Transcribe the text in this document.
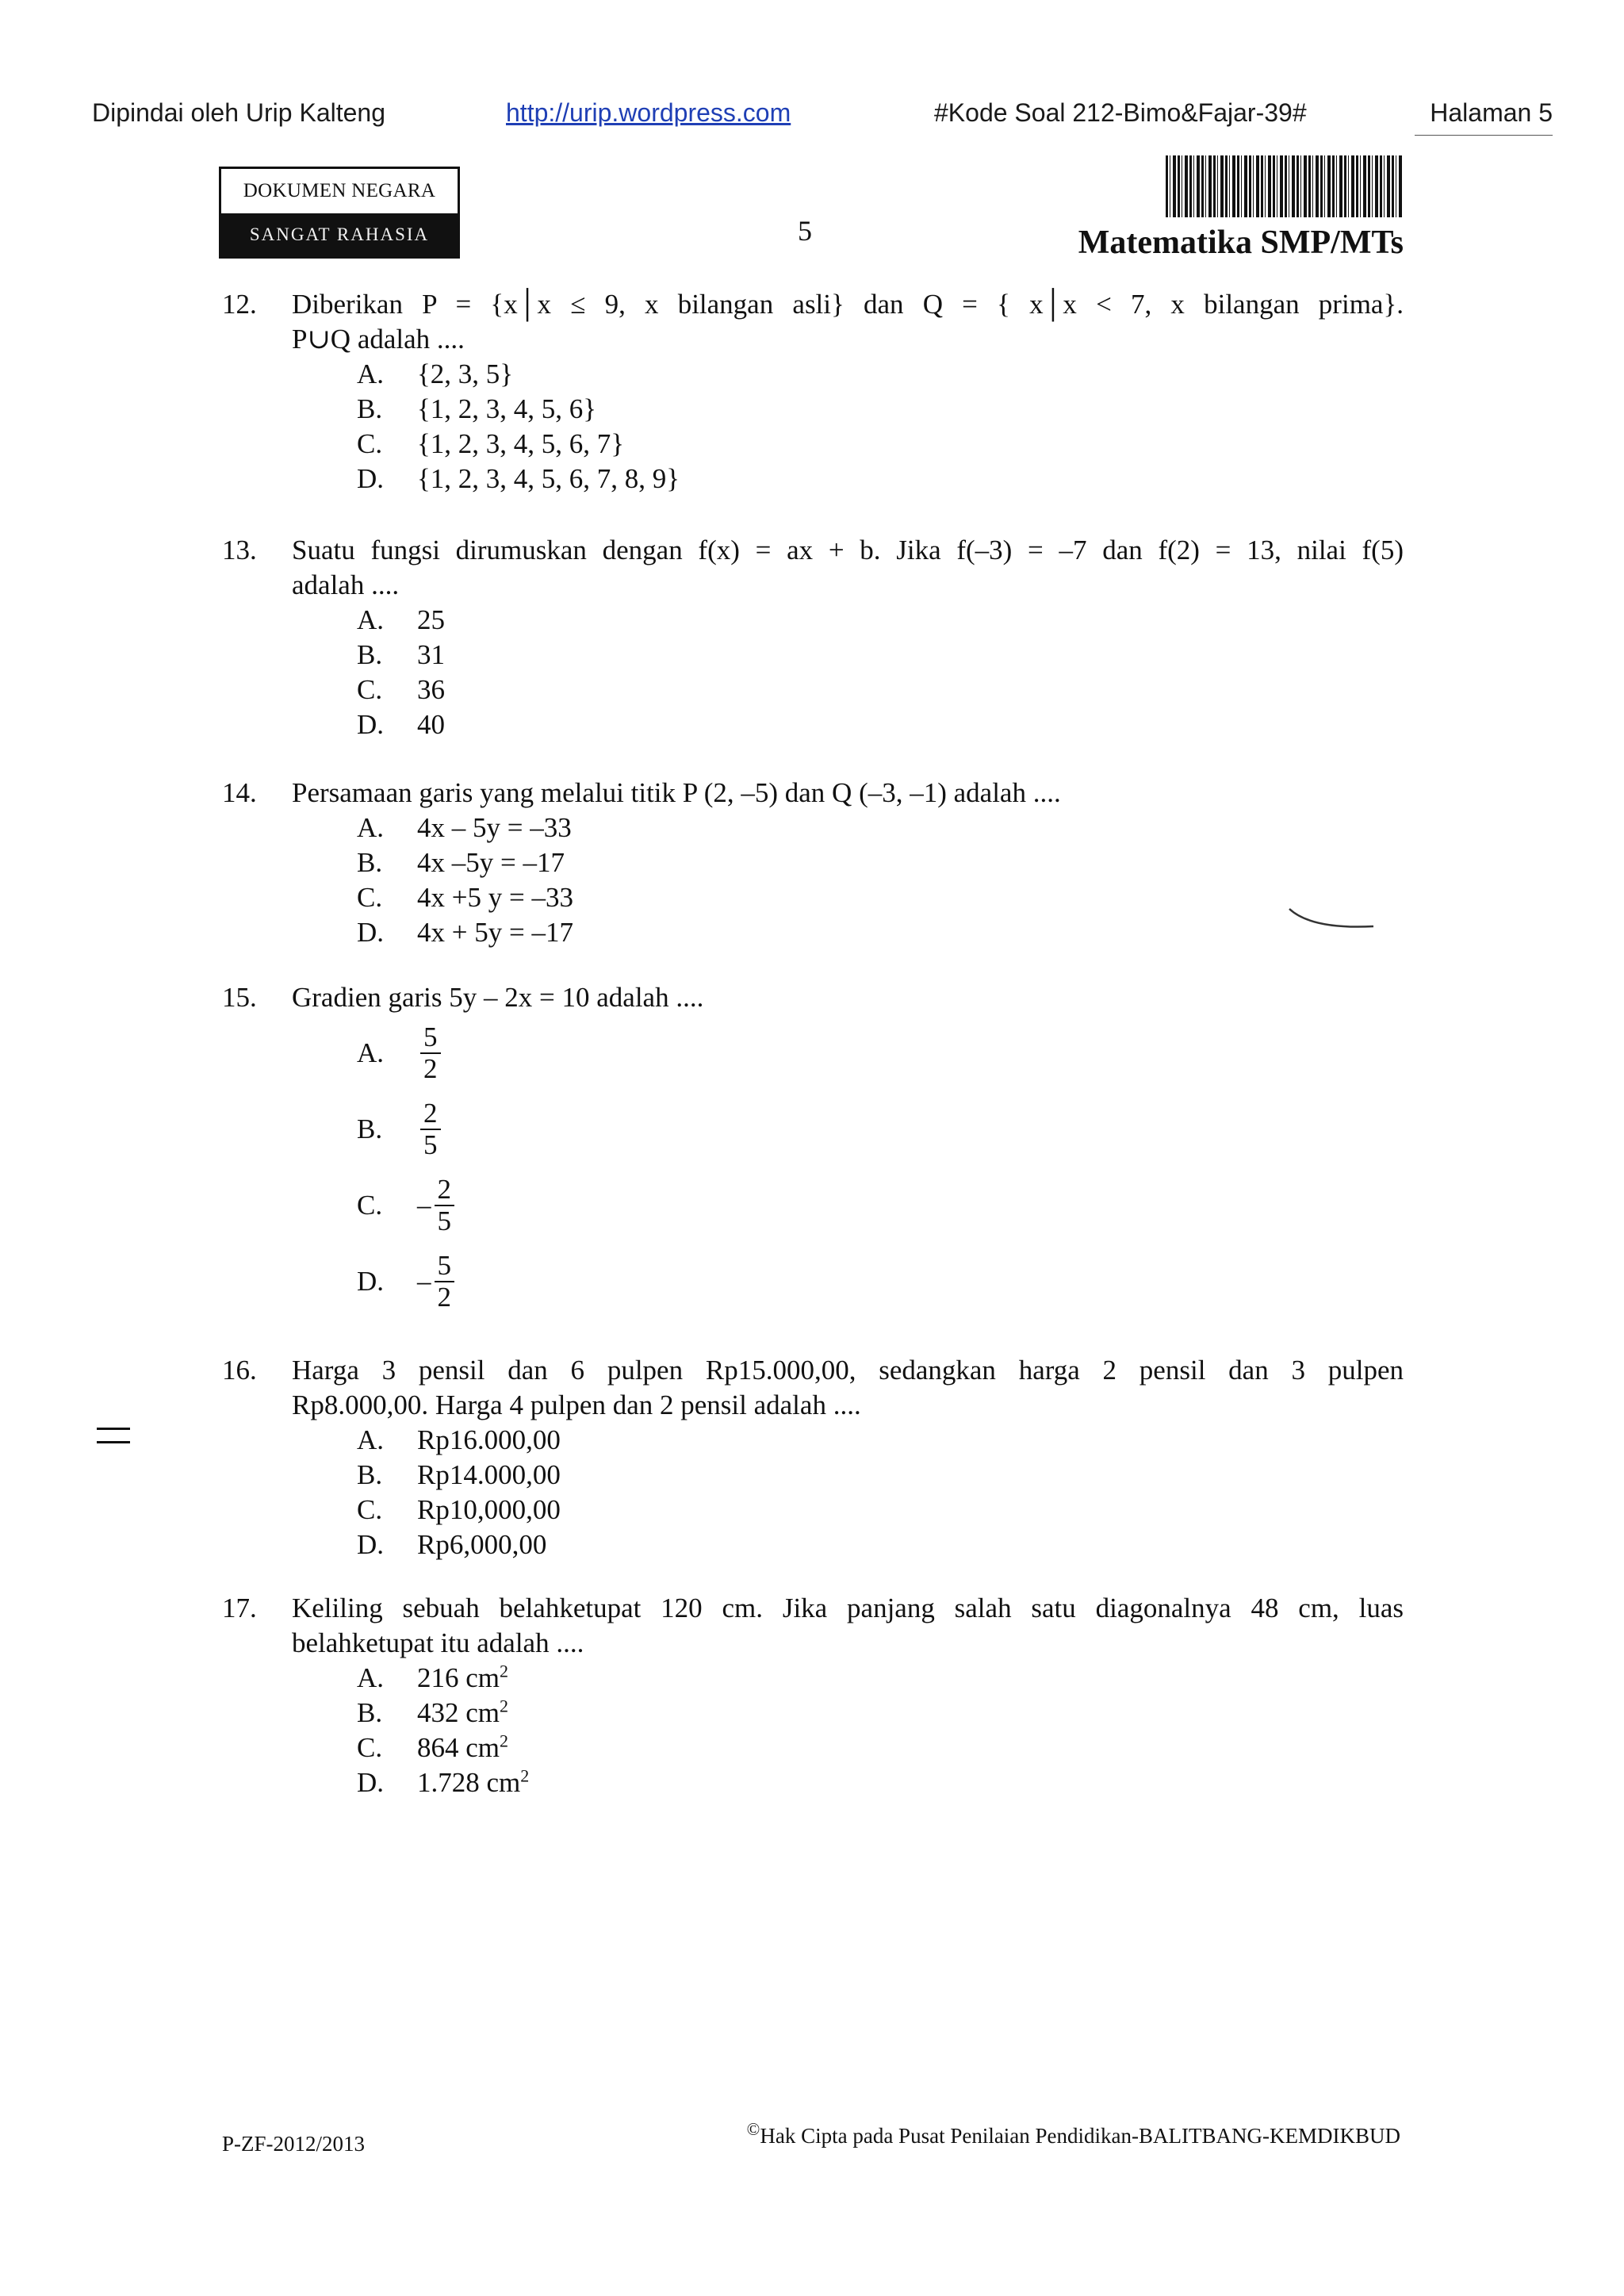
Dipindai oleh Urip Kalteng	http://urip.wordpress.com	#Kode Soal 212-Bimo&Fajar-39#	Halaman 5
DOKUMEN NEGARA
SANGAT RAHASIA	5	Matematika SMP/MTs
12. Diberikan P = {x│x ≤ 9, x bilangan asli} dan Q = { x│x < 7, x bilangan prima}.
P∪Q adalah ....
A.	{2, 3, 5}
B.	{1, 2, 3, 4, 5, 6}
C.	{1, 2, 3, 4, 5, 6, 7}
D.	{1, 2, 3, 4, 5, 6, 7, 8, 9}
13. Suatu fungsi dirumuskan dengan f(x) = ax + b. Jika f(–3) = –7 dan f(2) = 13, nilai f(5)
adalah ....
A.	25
B.	31
C.	36
D.	40
14. Persamaan garis yang melalui titik P (2, –5) dan Q (–3, –1) adalah ....
A.	4x – 5y = –33
B.	4x –5y = –17
C.	4x +5 y = –33
D.	4x + 5y = –17
15. Gradien garis 5y – 2x = 10 adalah ....
A.	$\frac{5}{2}$
B.	$\frac{2}{5}$
C.	– $\frac{2}{5}$
D.	– $\frac{5}{2}$
16. Harga 3 pensil dan 6 pulpen Rp15.000,00, sedangkan harga 2 pensil dan 3 pulpen
Rp8.000,00. Harga 4 pulpen dan 2 pensil adalah ....
A.	Rp16.000,00
B.	Rp14.000,00
C.	Rp10,000,00
D.	Rp6,000,00
17. Keliling sebuah belahketupat 120 cm. Jika panjang salah satu diagonalnya 48 cm, luas
belahketupat itu adalah ....
A.	216 $cm^2$
B.	432 $cm^2$
C.	864 $cm^2$
D.	1.728 $cm^2$
P-ZF-2012/2013
©Hak Cipta pada Pusat Penilaian Pendidikan-BALITBANG-KEMDIKBUD
